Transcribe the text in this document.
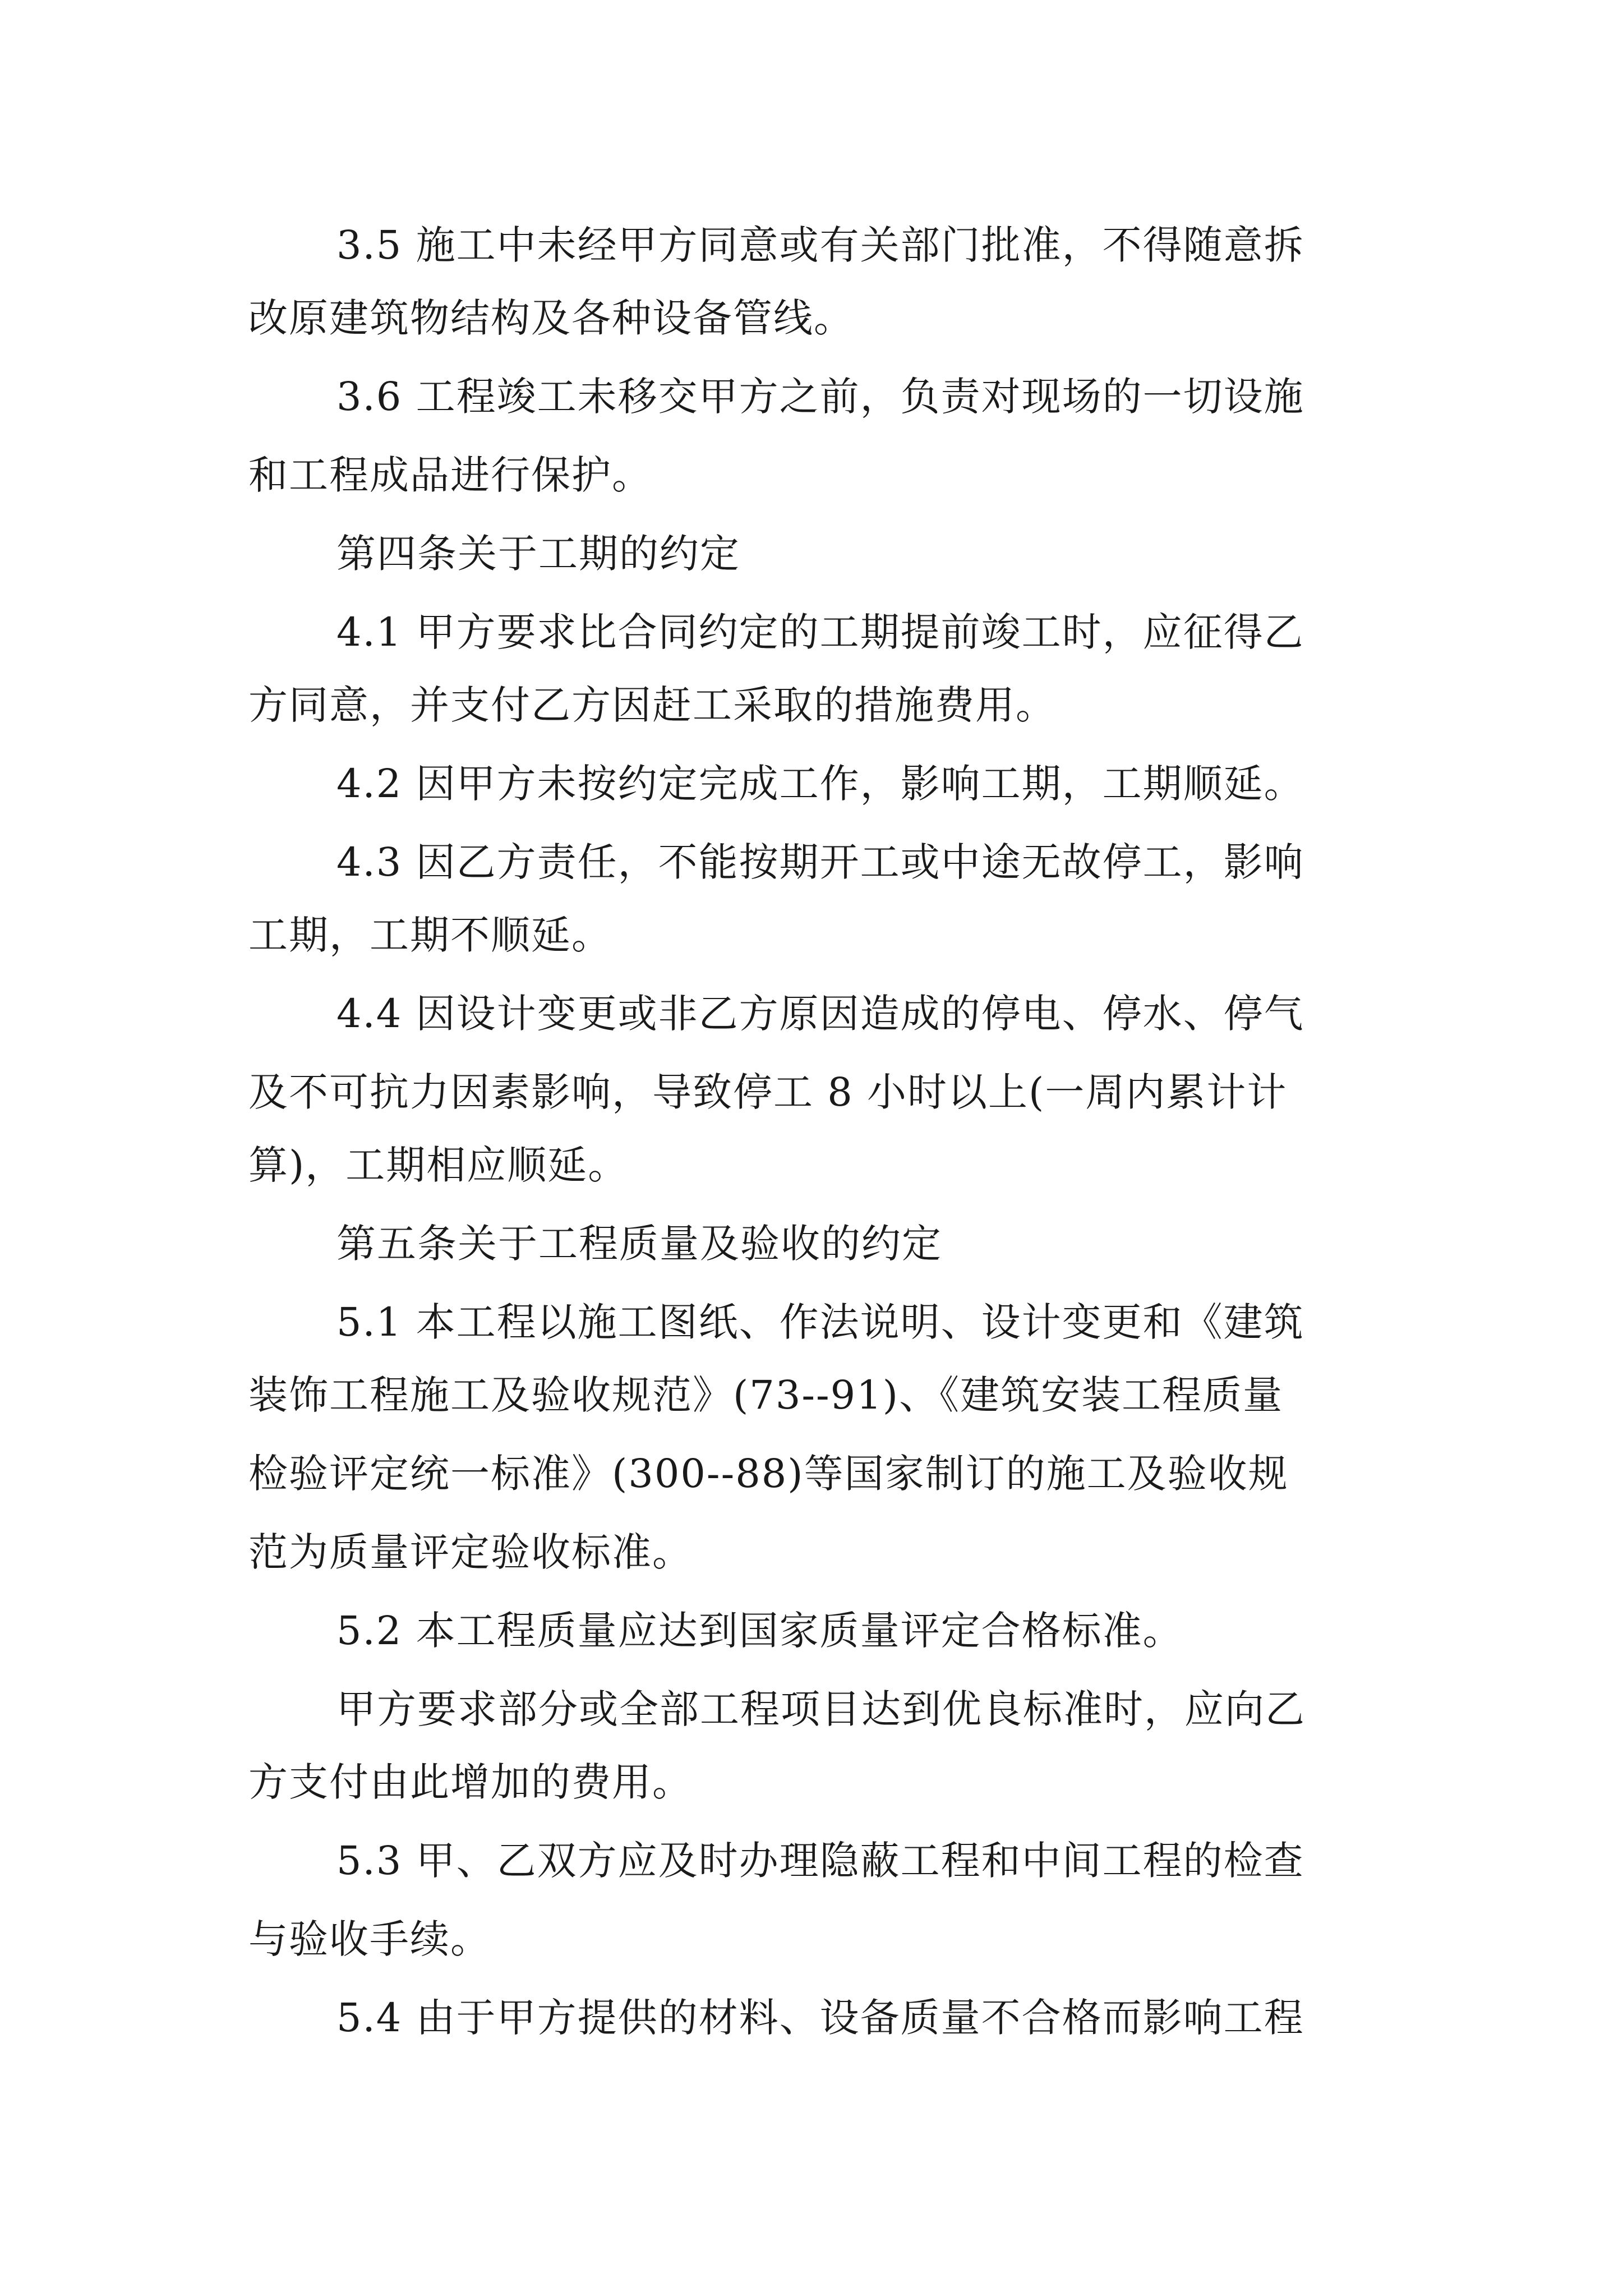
3.5 施工中未经甲方同意或有关部门批准，不得随意拆
改原建筑物结构及各种设备管线。
3.6 工程竣工未移交甲方之前，负责对现场的一切设施
和工程成品进行保护。
第四条关于工期的约定
4.1 甲方要求比合同约定的工期提前竣工时，应征得乙
方同意，并支付乙方因赶工采取的措施费用。
4.2 因甲方未按约定完成工作，影响工期，工期顺延。
4.3 因乙方责任，不能按期开工或中途无故停工，影响
工期，工期不顺延。
4.4 因设计变更或非乙方原因造成的停电、停水、停气
及不可抗力因素影响，导致停工 8 小时以上(一周内累计计
算)，工期相应顺延。
第五条关于工程质量及验收的约定
5.1 本工程以施工图纸、作法说明、设计变更和《建筑
装饰工程施工及验收规范》(73--91)、《建筑安装工程质量
检验评定统一标准》(300--88)等国家制订的施工及验收规
范为质量评定验收标准。
5.2 本工程质量应达到国家质量评定合格标准。
甲方要求部分或全部工程项目达到优良标准时，应向乙
方支付由此增加的费用。
5.3 甲、乙双方应及时办理隐蔽工程和中间工程的检查
与验收手续。
5.4 由于甲方提供的材料、设备质量不合格而影响工程
